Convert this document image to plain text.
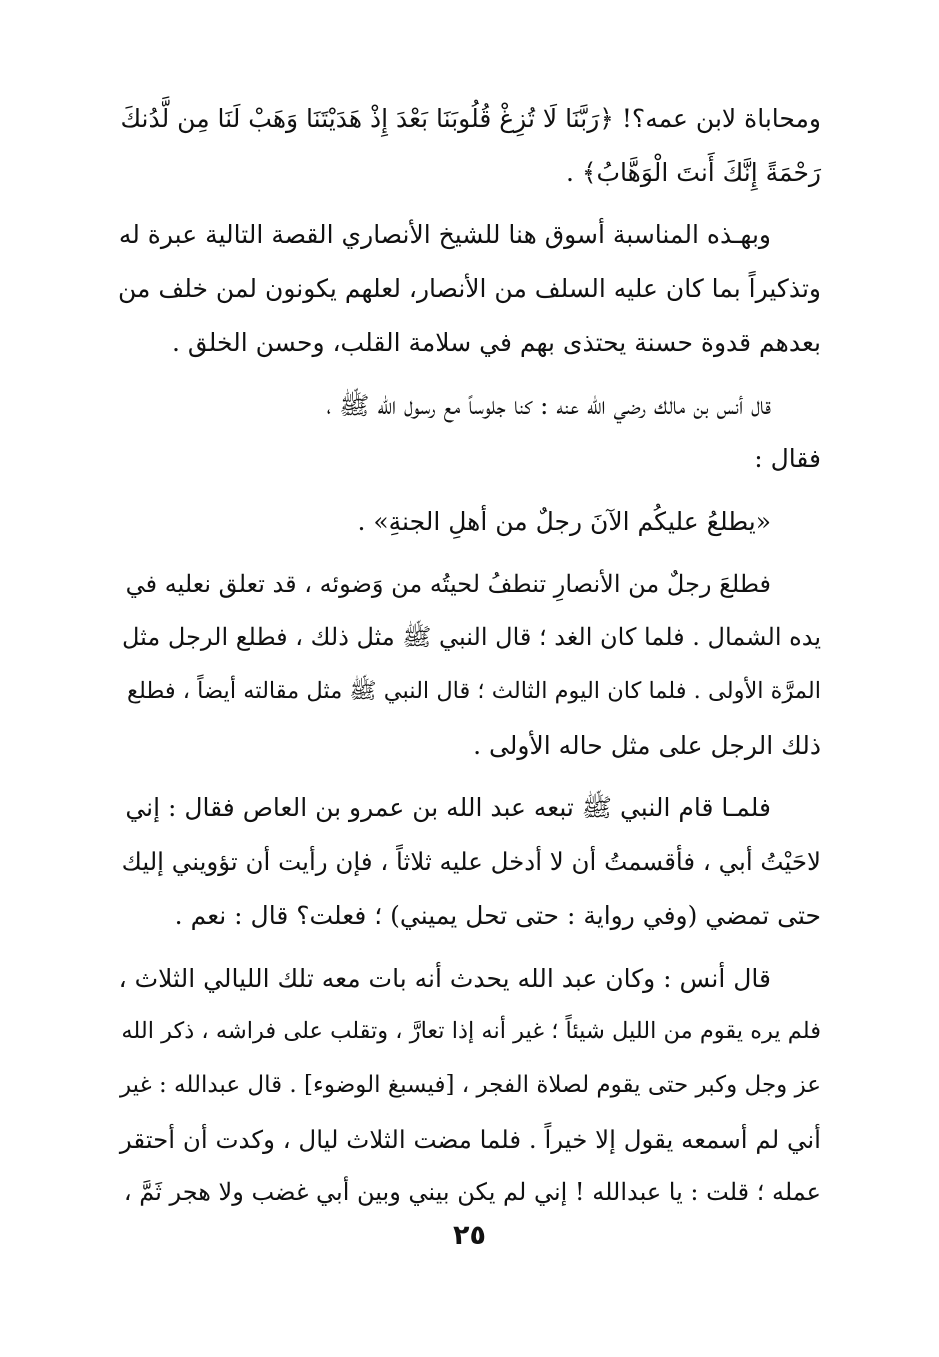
ومحاباة لابن عمه؟! ﴿رَبَّنَا لَا تُزِغْ قُلُوبَنَا بَعْدَ إِذْ هَدَيْتَنَا وَهَبْ لَنَا مِن لَّدُنكَ
رَحْمَةً إِنَّكَ أَنتَ الْوَهَّابُ﴾ .
وبهـذه المناسبة أسوق هنا للشيخ الأنصاري القصة التالية عبرة له
وتذكيراً بما كان عليه السلف من الأنصار، لعلهم يكونون لمن خلف من
بعدهم قدوة حسنة يحتذى بهم في سلامة القلب، وحسن الخلق .
قال أنس بن مالك رضي الله عنه : كنا جلوساً مع رسول الله ﷺ ،
فقال :
«يطلعُ عليكُم الآنَ رجلٌ من أهلِ الجنةِ» .
فطلعَ رجلٌ من الأنصارِ تنطفُ لحيتُه من وَضوئه ، قد تعلق نعليه في
يده الشمال . فلما كان الغد ؛ قال النبي ﷺ مثل ذلك ، فطلع الرجل مثل
المرَّة الأولى . فلما كان اليوم الثالث ؛ قال النبي ﷺ مثل مقالته أيضاً ، فطلع
ذلك الرجل على مثل حاله الأولى .
فلمـا قام النبي ﷺ تبعه عبد الله بن عمرو بن العاص فقال : إني
لاحَيْتُ أبي ، فأقسمتُ أن لا أدخل عليه ثلاثاً ، فإن رأيت أن تؤويني إليك
حتى تمضي (وفي رواية : حتى تحل يميني) ؛ فعلت؟ قال : نعم .
قال أنس : وكان عبد الله يحدث أنه بات معه تلك الليالي الثلاث ،
فلم يره يقوم من الليل شيئاً ؛ غير أنه إذا تعارَّ ، وتقلب على فراشه ، ذكر الله
عز وجل وكبر حتى يقوم لصلاة الفجر ، [فيسبغ الوضوء] . قال عبدالله : غير
أني لم أسمعه يقول إلا خيراً . فلما مضت الثلاث ليال ، وكدت أن أحتقر
عمله ؛ قلت : يا عبدالله ! إني لم يكن بيني وبين أبي غضب ولا هجر ثَمَّ ،
٢٥
